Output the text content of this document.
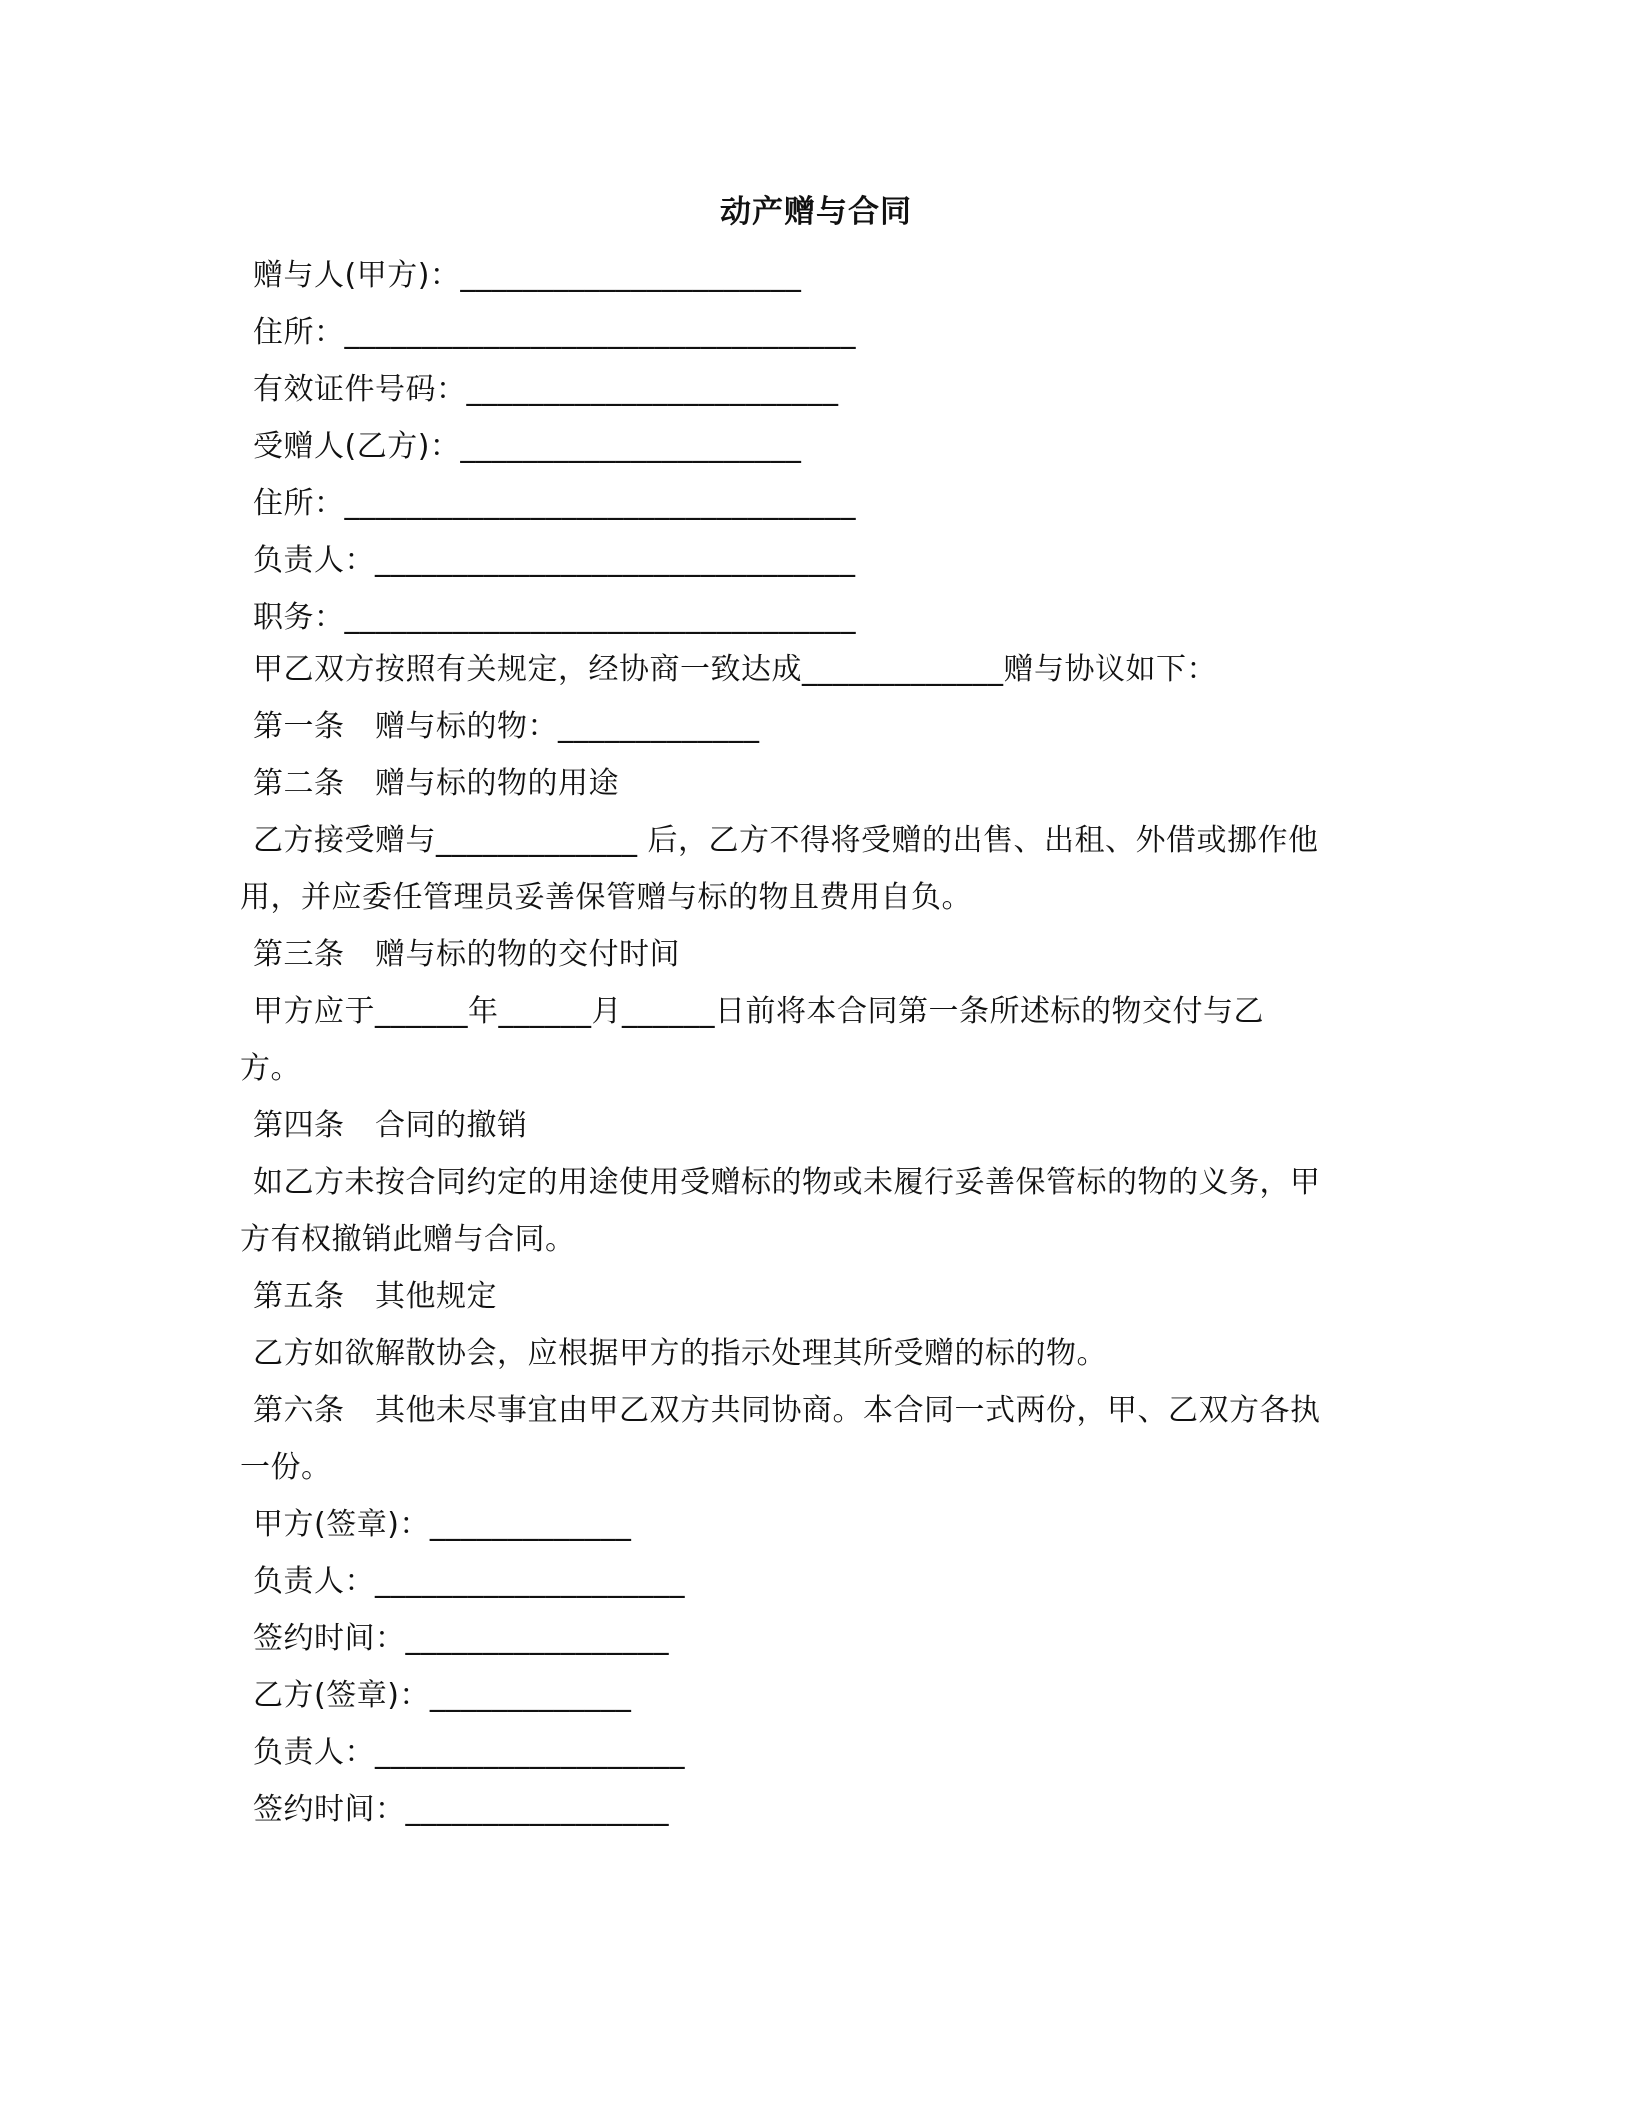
动产赠与合同
赠与人(甲方)：______________________
住所：_________________________________
有效证件号码：________________________
受赠人(乙方)：______________________
住所：_________________________________
负责人：_______________________________
职务：_________________________________
甲乙双方按照有关规定，经协商一致达成_____________赠与协议如下：
第一条　赠与标的物：_____________
第二条　赠与标的物的用途
乙方接受赠与_____________ 后，乙方不得将受赠的出售、出租、外借或挪作他
用，并应委任管理员妥善保管赠与标的物且费用自负。
第三条　赠与标的物的交付时间
甲方应于______年______月______日前将本合同第一条所述标的物交付与乙
方。
第四条　合同的撤销
如乙方未按合同约定的用途使用受赠标的物或未履行妥善保管标的物的义务，甲
方有权撤销此赠与合同。
第五条　其他规定
乙方如欲解散协会，应根据甲方的指示处理其所受赠的标的物。
第六条　其他未尽事宜由甲乙双方共同协商。本合同一式两份，甲、乙双方各执
一份。
甲方(签章)：_____________
负责人：____________________
签约时间：_________________
乙方(签章)：_____________
负责人：____________________
签约时间：_________________
